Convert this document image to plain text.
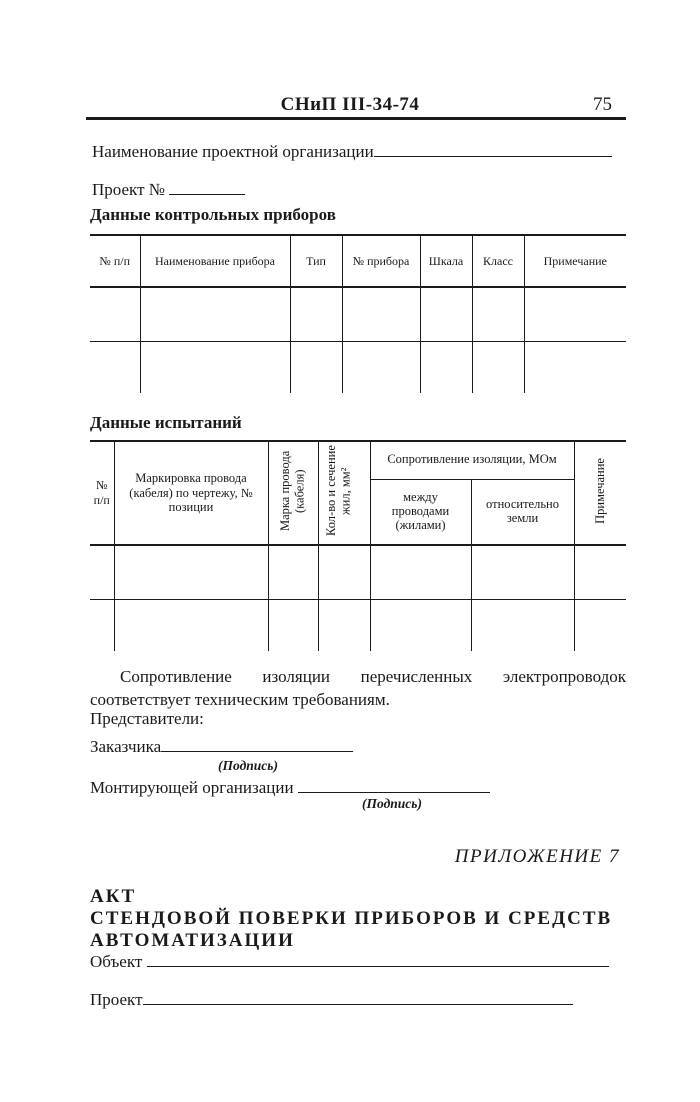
СНиП III-34-74	75
Наименование проектной организации
Проект №
Данные контрольных приборов
№ п/п	Наименование прибора	Тип	№ прибора	Шкала	Класс	Примечание

Данные испытаний
№ п/п	Маркировка провода (кабеля) по чертежу, № позиции	Марка провода (кабеля)	Кол-во и сечение жил, мм²	Сопротивление изоляции, МОм		Примечание
				между проводами (жилами)	относительно земли	

Сопротивление изоляции перечисленных электропроводок соответствует техническим требованиям.
Представители:
Заказчика
(Подпись)
Монтирующей организации
(Подпись)
ПРИЛОЖЕНИЕ 7
АКТ
СТЕНДОВОЙ ПОВЕРКИ ПРИБОРОВ И СРЕДСТВ
АВТОМАТИЗАЦИИ
Объект
Проект
